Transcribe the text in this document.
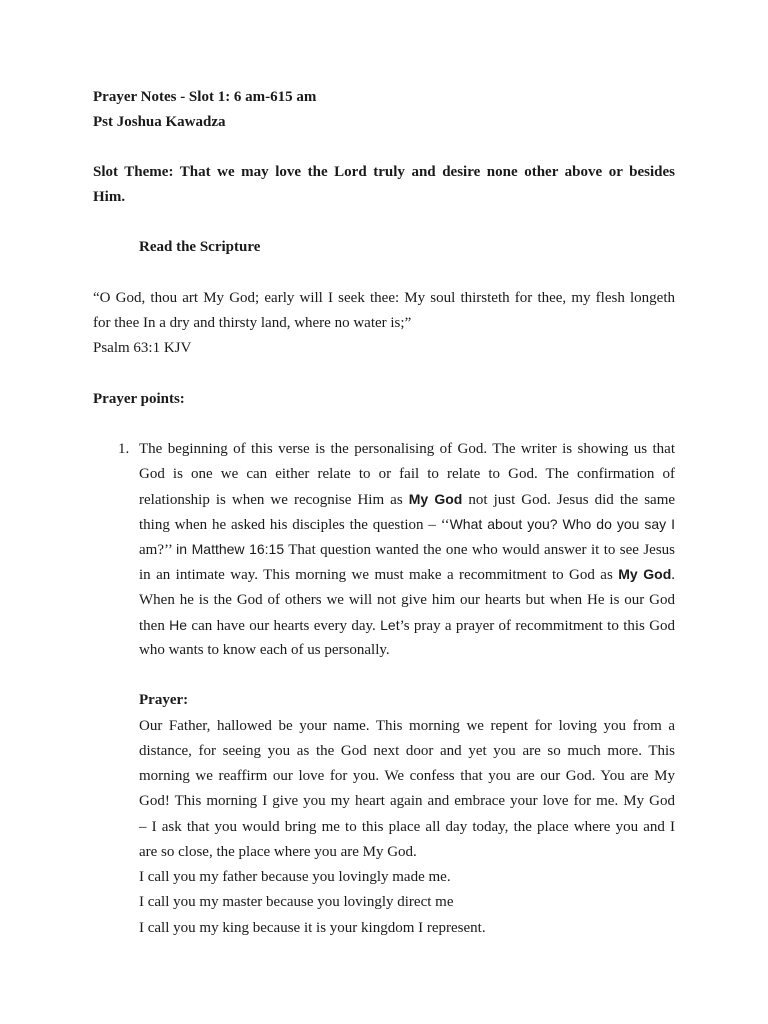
Prayer Notes - Slot 1: 6 am-615 am
Pst Joshua Kawadza
Slot Theme: That we may love the Lord truly and desire none other above or besides
Him.
Read the Scripture
“O God, thou art My God; early will I seek thee: My soul thirsteth for thee, my flesh longeth
for thee In a dry and thirsty land, where no water is;”
Psalm 63:1 KJV
Prayer points:
1. The beginning of this verse is the personalising of God. The writer is showing us that
God is one we can either relate to or fail to relate to God. The confirmation of
relationship is when we recognise Him as My God not just God. Jesus did the same
thing when he asked his disciples the question – ‘‘What about you? Who do you say I
am?’’ in Matthew 16:15 That question wanted the one who would answer it to see Jesus
in an intimate way. This morning we must make a recommitment to God as My God.
When he is the God of others we will not give him our hearts but when He is our God
then He can have our hearts every day. Let’s pray a prayer of recommitment to this God
who wants to know each of us personally.
Prayer:
Our Father, hallowed be your name. This morning we repent for loving you from a
distance, for seeing you as the God next door and yet you are so much more. This
morning we reaffirm our love for you. We confess that you are our God. You are My
God! This morning I give you my heart again and embrace your love for me. My God
– I ask that you would bring me to this place all day today, the place where you and I
are so close, the place where you are My God.
I call you my father because you lovingly made me.
I call you my master because you lovingly direct me
I call you my king because it is your kingdom I represent.
